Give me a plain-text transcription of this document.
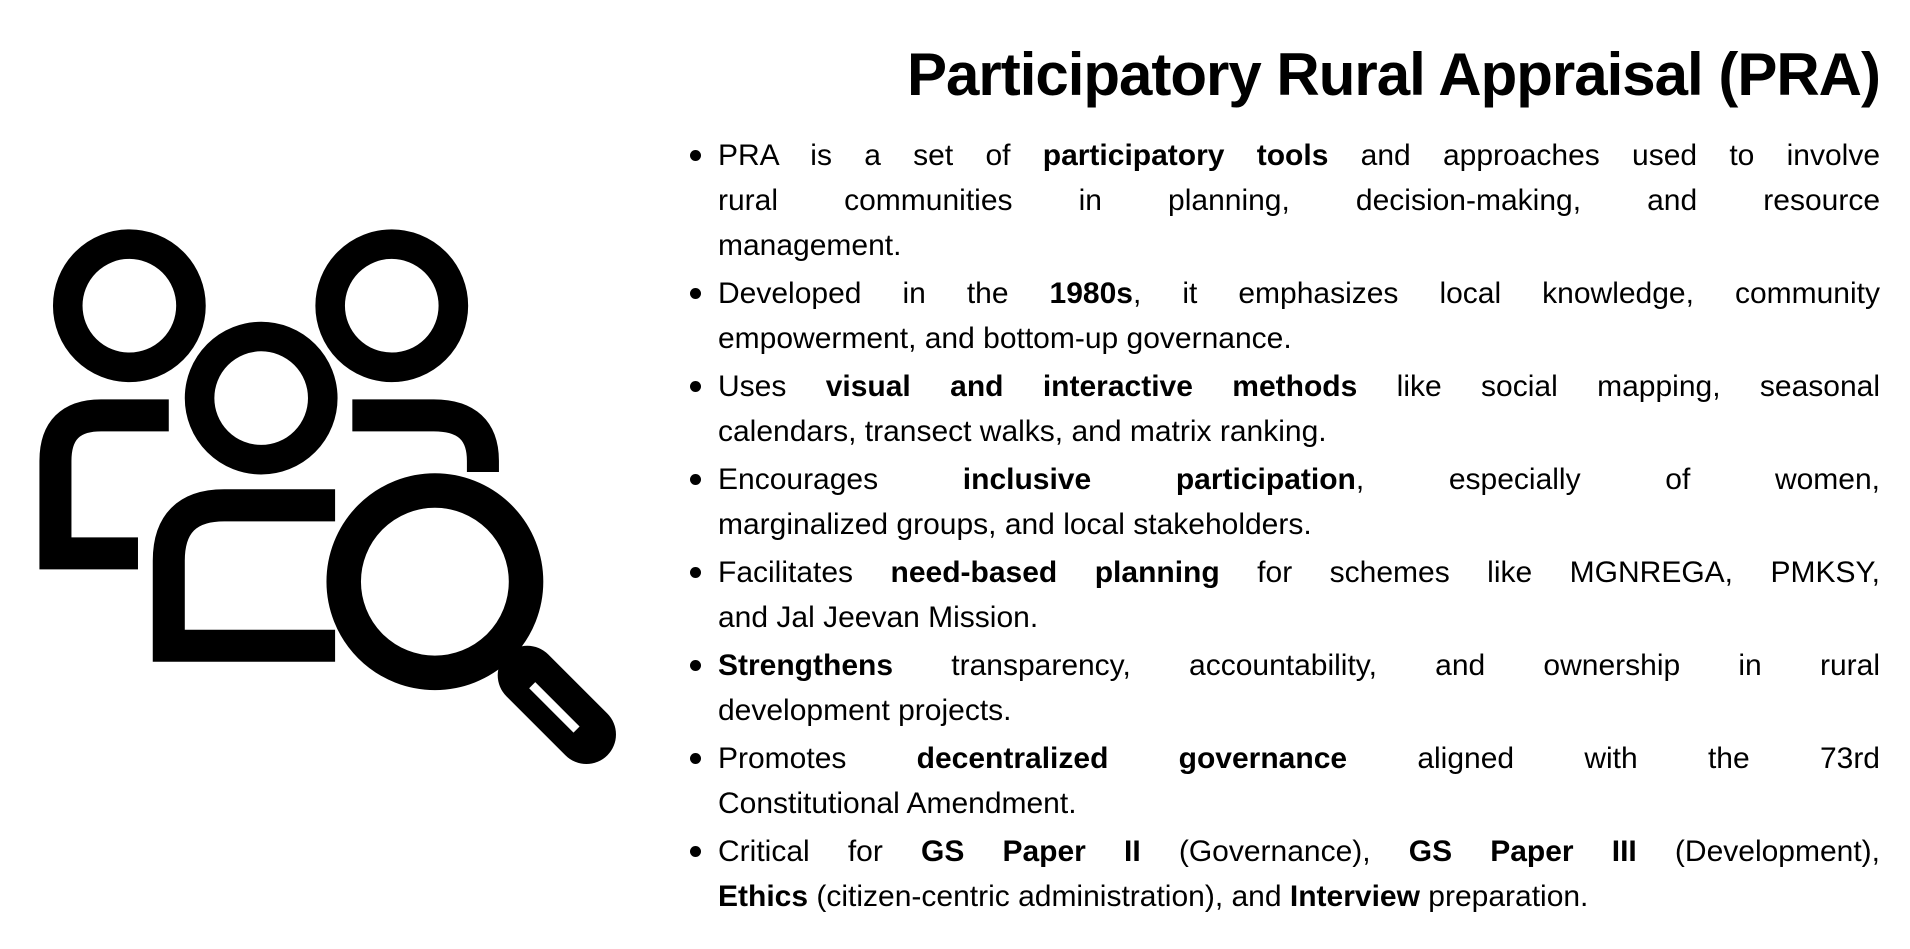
Participatory Rural Appraisal (PRA)
PRA is a set of participatory tools and approaches used to involve
rural communities in planning, decision-making, and resource
management.
Developed in the 1980s, it emphasizes local knowledge, community
empowerment, and bottom-up governance.
Uses visual and interactive methods like social mapping, seasonal
calendars, transect walks, and matrix ranking.
Encourages inclusive participation, especially of women,
marginalized groups, and local stakeholders.
Facilitates need-based planning for schemes like MGNREGA, PMKSY,
and Jal Jeevan Mission.
Strengthens transparency, accountability, and ownership in rural
development projects.
Promotes decentralized governance aligned with the 73rd
Constitutional Amendment.
Critical for GS Paper II (Governance), GS Paper III (Development),
Ethics (citizen-centric administration), and Interview preparation.
